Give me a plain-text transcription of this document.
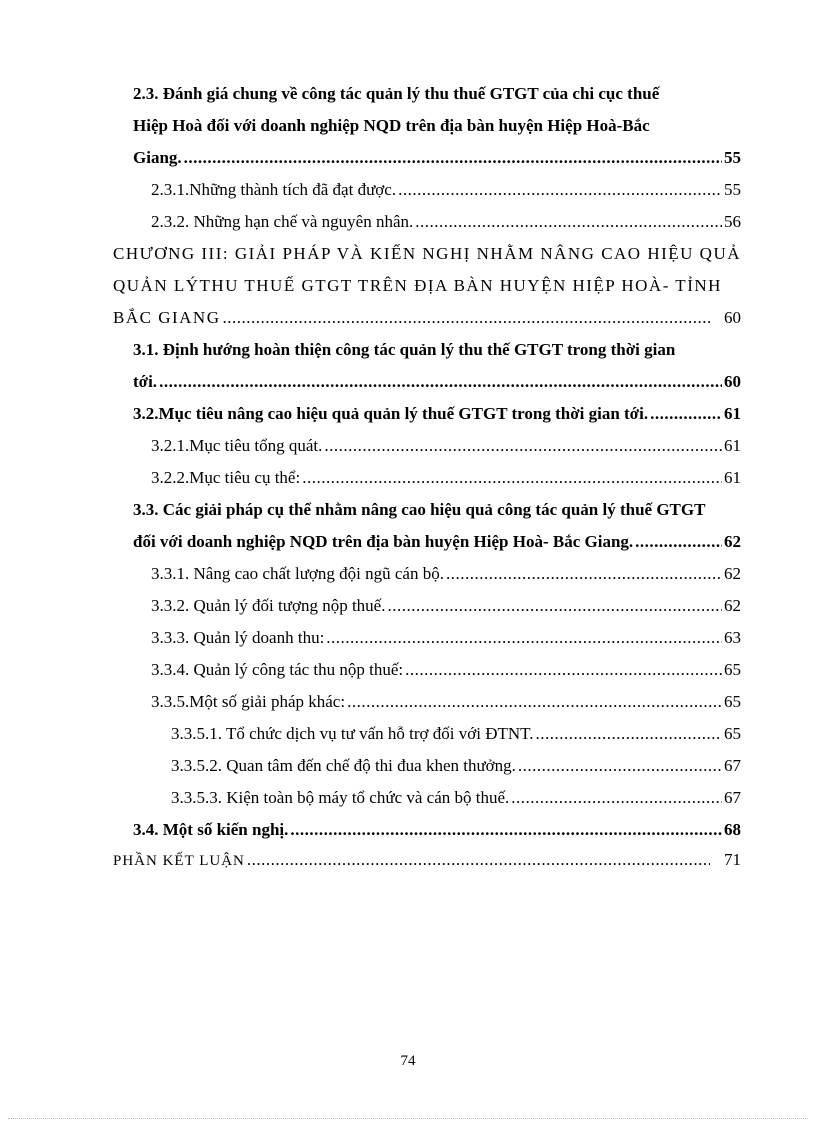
2.3. Đánh giá chung về công tác quản lý thu thuế GTGT của chi cục thuế
Hiệp Hoà đối với doanh nghiệp NQD trên địa bàn huyện Hiệp Hoà-Bắc
Giang. .....	55
2.3.1.Những thành tích đã đạt được. .....	55
2.3.2. Những hạn chế và nguyên nhân. .....	56
CHƯƠNG III: GIẢI PHÁP VÀ KIẾN NGHỊ NHẰM NÂNG CAO HIỆU QUẢ
QUẢN LÝTHU THUẾ GTGT TRÊN ĐỊA BÀN HUYỆN HIỆP HOÀ- TỈNH
BẮC GIANG .....	60
3.1. Định hướng hoàn thiện công tác quản lý thu thế GTGT trong thời gian
tới. .....	60
3.2.Mục tiêu nâng cao hiệu quả quản lý thuế GTGT trong thời gian tới. .....	61
3.2.1.Mục tiêu tổng quát. .....	61
3.2.2.Mục tiêu cụ thể: .....	61
3.3. Các giải pháp cụ thể nhằm nâng cao hiệu quả công tác quản lý thuế GTGT
đối với doanh nghiệp NQD trên địa bàn huyện Hiệp Hoà- Bắc Giang. .....	62
3.3.1. Nâng cao chất lượng đội ngũ cán bộ. .....	62
3.3.2. Quản lý đối tượng nộp thuế. .....	62
3.3.3. Quản lý doanh thu: .....	63
3.3.4. Quản lý công tác thu nộp thuế: .....	65
3.3.5.Một số giải pháp khác: .....	65
3.3.5.1. Tổ chức dịch vụ tư vấn hỗ trợ đối với ĐTNT. .....	65
3.3.5.2. Quan tâm đến chế độ thi đua khen thưởng. .....	67
3.3.5.3. Kiện toàn bộ máy tổ chức và cán bộ thuế. .....	67
3.4. Một số kiến nghị. .....	68
PHẦN KẾT LUẬN .....	71
74
